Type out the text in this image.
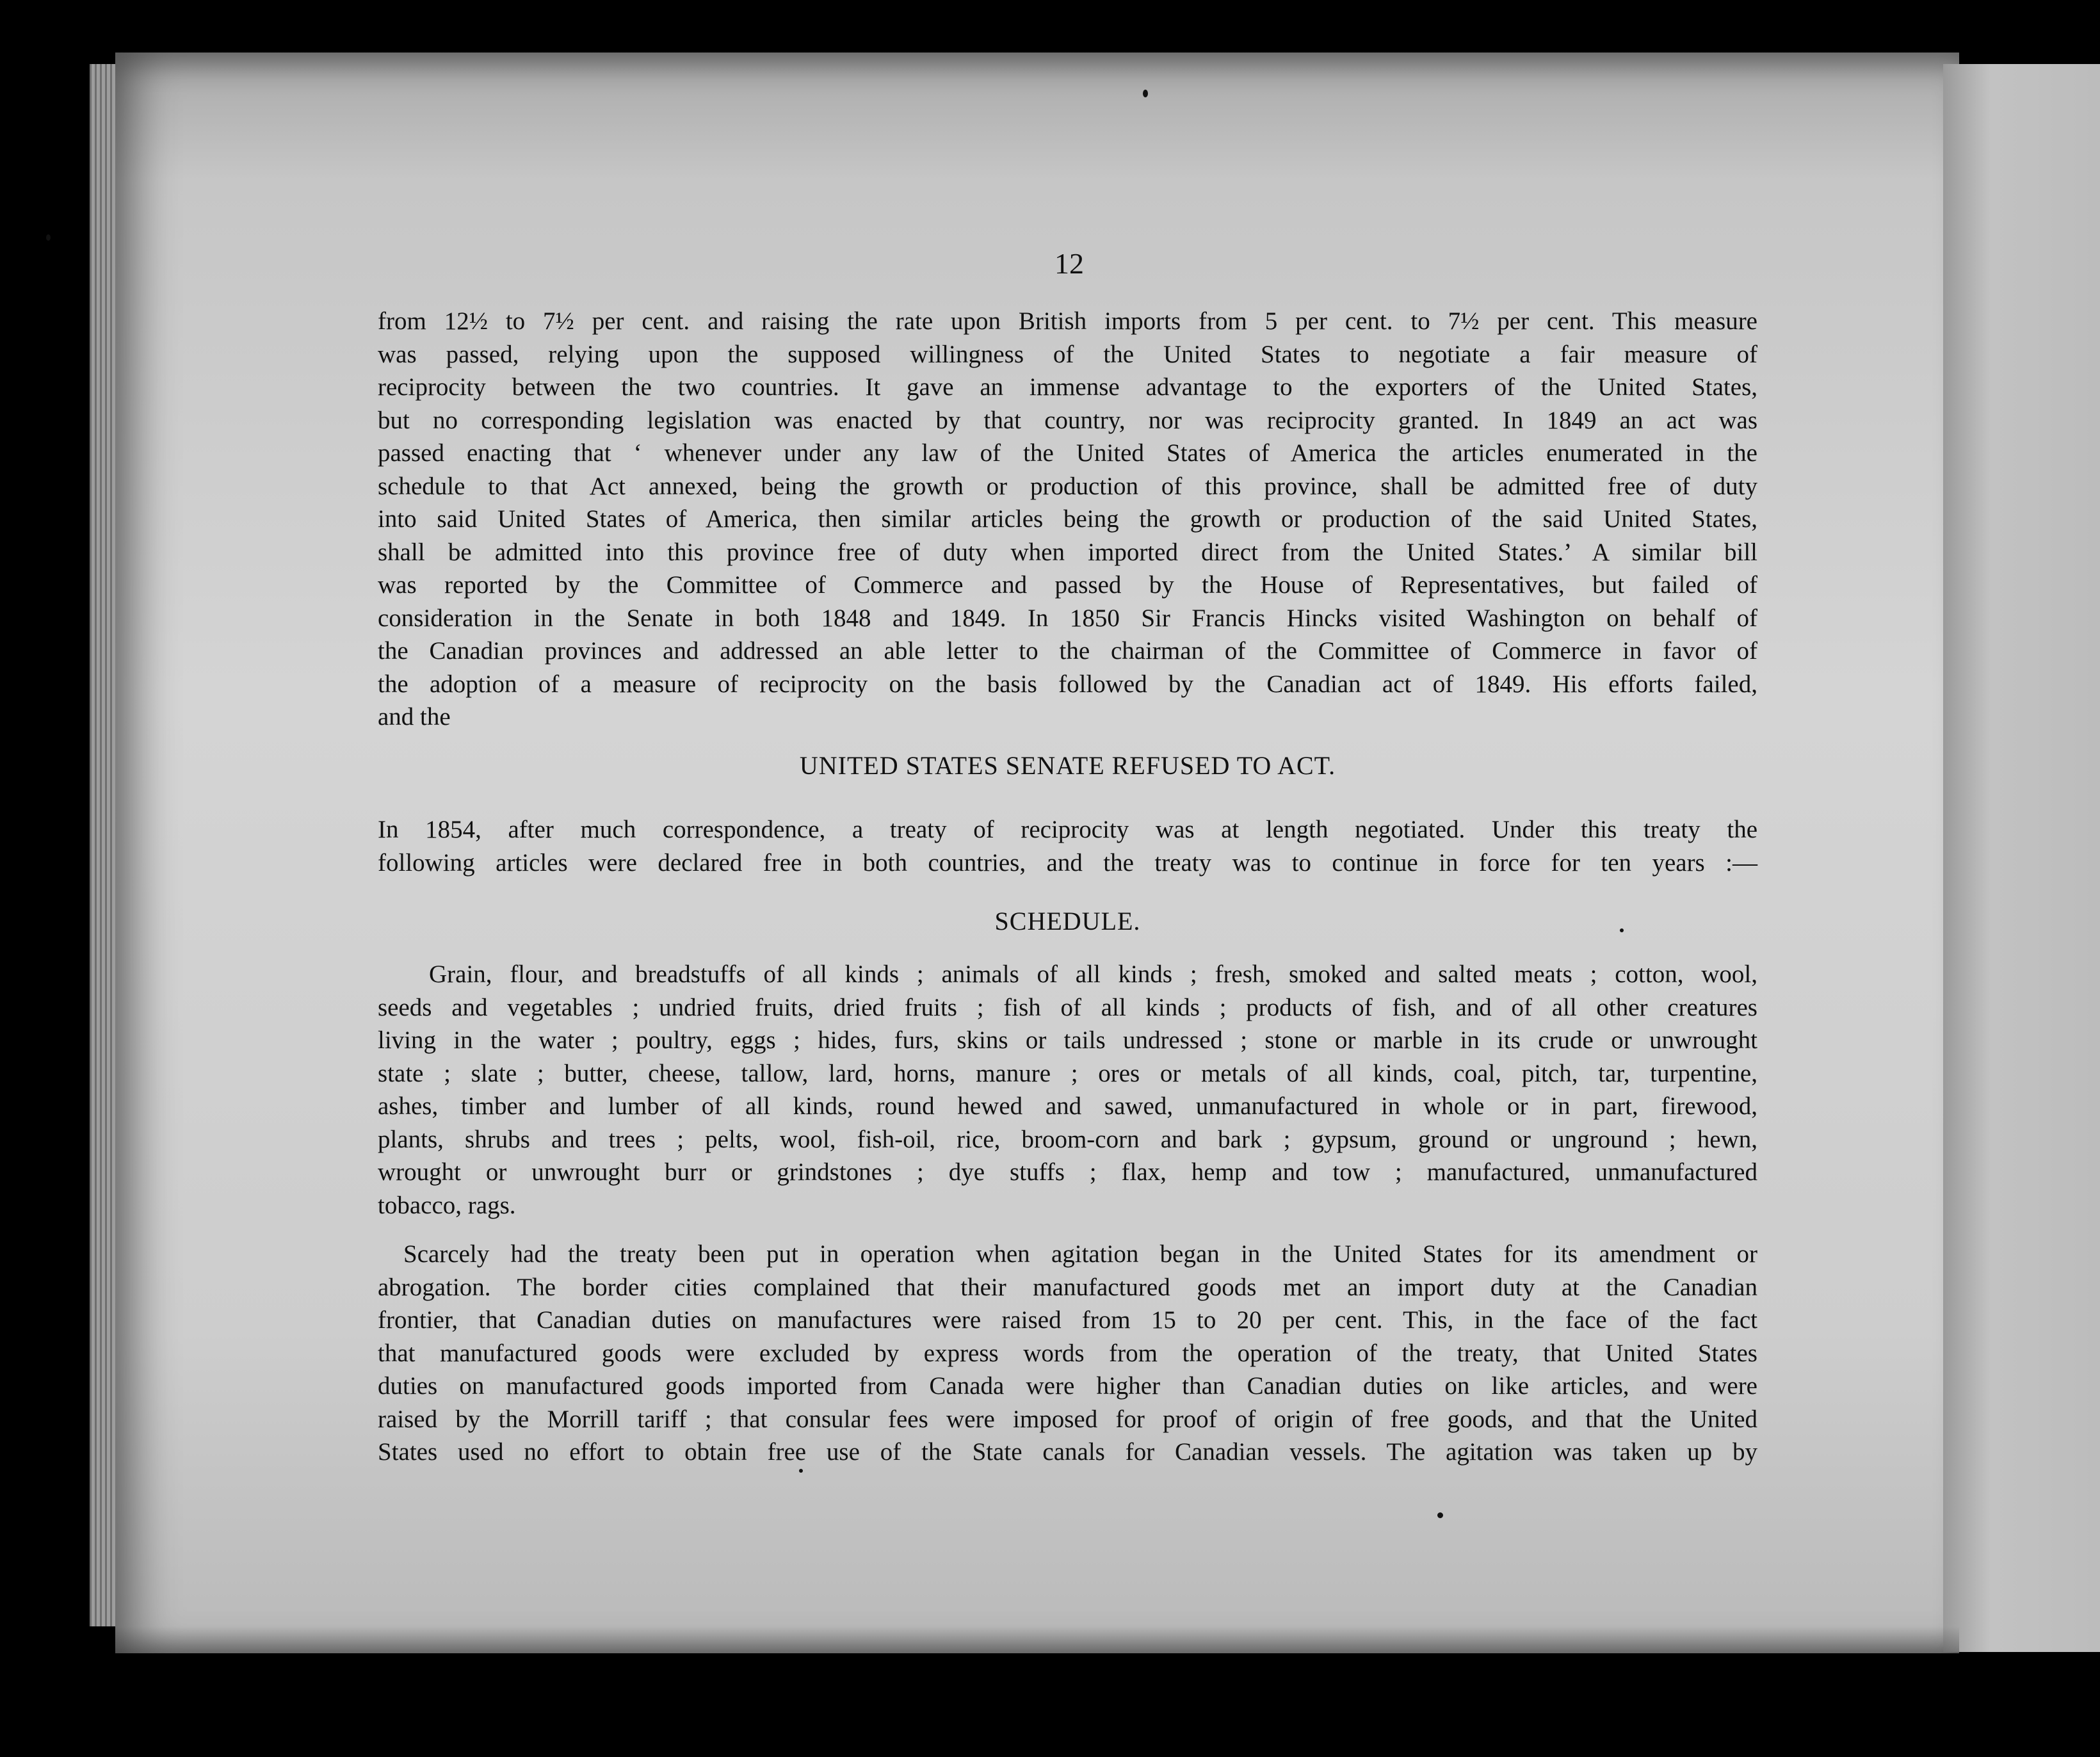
12
from 12½ to 7½ per cent. and raising the rate upon British imports from 5 per cent. to 7½ per cent. This measure
was passed, relying upon the supposed willingness of the United States to negotiate a fair measure of
reciprocity between the two countries. It gave an immense advantage to the exporters of the United States,
but no corresponding legislation was enacted by that country, nor was reciprocity granted. In 1849 an act was
passed enacting that ‘ whenever under any law of the United States of America the articles enumerated in the
schedule to that Act annexed, being the growth or production of this province, shall be admitted free of duty
into said United States of America, then similar articles being the growth or production of the said United States,
shall be admitted into this province free of duty when imported direct from the United States.’ A similar bill
was reported by the Committee of Commerce and passed by the House of Representatives, but failed of
consideration in the Senate in both 1848 and 1849. In 1850 Sir Francis Hincks visited Washington on behalf of
the Canadian provinces and addressed an able letter to the chairman of the Committee of Commerce in favor of
the adoption of a measure of reciprocity on the basis followed by the Canadian act of 1849. His efforts failed,
and the
UNITED STATES SENATE REFUSED TO ACT.
In 1854, after much correspondence, a treaty of reciprocity was at length negotiated. Under this treaty the
following articles were declared free in both countries, and the treaty was to continue in force for ten years :—
SCHEDULE.
Grain, flour, and breadstuffs of all kinds ; animals of all kinds ; fresh, smoked and salted meats ; cotton, wool,
seeds and vegetables ; undried fruits, dried fruits ; fish of all kinds ; products of fish, and of all other creatures
living in the water ; poultry, eggs ; hides, furs, skins or tails undressed ; stone or marble in its crude or unwrought
state ; slate ; butter, cheese, tallow, lard, horns, manure ; ores or metals of all kinds, coal, pitch, tar, turpentine,
ashes, timber and lumber of all kinds, round hewed and sawed, unmanufactured in whole or in part, firewood,
plants, shrubs and trees ; pelts, wool, fish-oil, rice, broom-corn and bark ; gypsum, ground or unground ; hewn,
wrought or unwrought burr or grindstones ; dye stuffs ; flax, hemp and tow ; manufactured, unmanufactured
tobacco, rags.
Scarcely had the treaty been put in operation when agitation began in the United States for its amendment or
abrogation. The border cities complained that their manufactured goods met an import duty at the Canadian
frontier, that Canadian duties on manufactures were raised from 15 to 20 per cent. This, in the face of the fact
that manufactured goods were excluded by express words from the operation of the treaty, that United States
duties on manufactured goods imported from Canada were higher than Canadian duties on like articles, and were
raised by the Morrill tariff ; that consular fees were imposed for proof of origin of free goods, and that the United
States used no effort to obtain free use of the State canals for Canadian vessels. The agitation was taken up by
